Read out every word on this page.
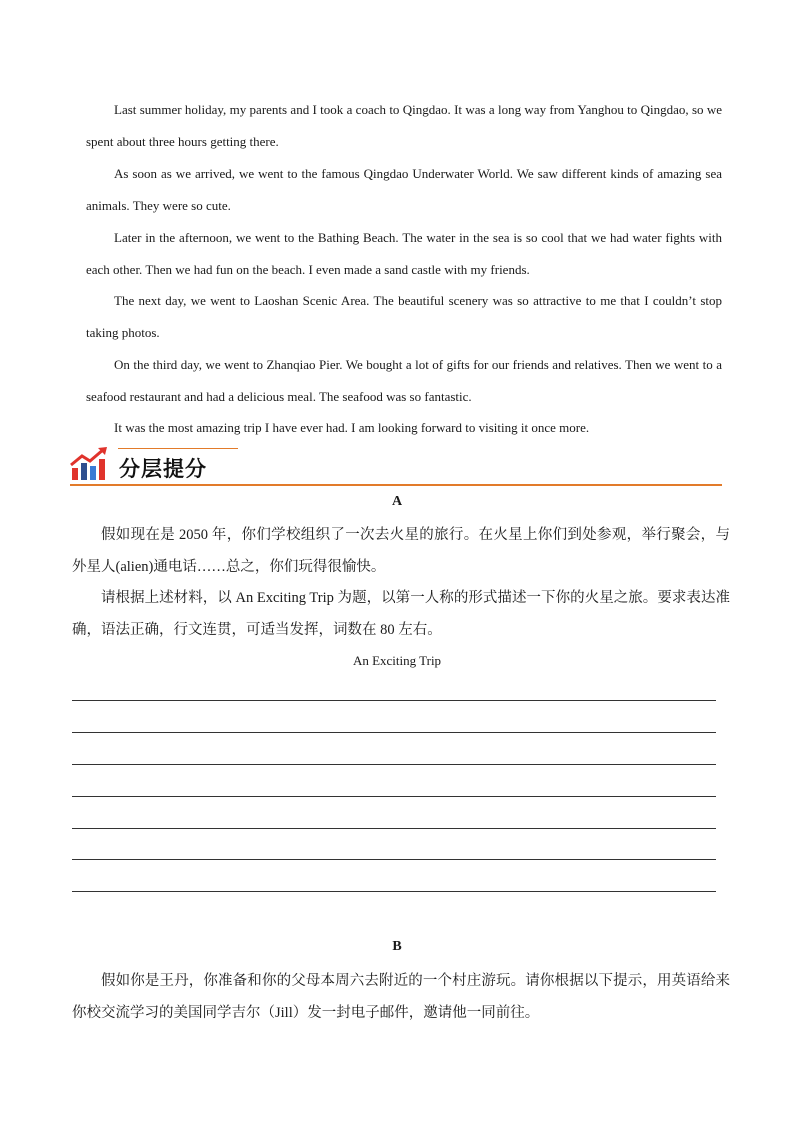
Last summer holiday, my parents and I took a coach to Qingdao. It was a long way from Yanghou to Qingdao, so we spent about three hours getting there.

As soon as we arrived, we went to the famous Qingdao Underwater World. We saw different kinds of amazing sea animals. They were so cute.

Later in the afternoon, we went to the Bathing Beach. The water in the sea is so cool that we had water fights with each other. Then we had fun on the beach. I even made a sand castle with my friends.

The next day, we went to Laoshan Scenic Area. The beautiful scenery was so attractive to me that I couldn’t stop taking photos.

On the third day, we went to Zhanqiao Pier. We bought a lot of gifts for our friends and relatives. Then we went to a seafood restaurant and had a delicious meal. The seafood was so fantastic.

It was the most amazing trip I have ever had. I am looking forward to visiting it once more.

分层提分

A

假如现在是 2050 年，你们学校组织了一次去火星的旅行。在火星上你们到处参观，举行聚会，与外星人(alien)通电话……总之，你们玩得很愉快。

请根据上述材料，以 An Exciting Trip 为题，以第一人称的形式描述一下你的火星之旅。要求表达准确，语法正确，行文连贯，可适当发挥，词数在 80 左右。

An Exciting Trip

B

假如你是王丹，你准备和你的父母本周六去附近的一个村庄游玩。请你根据以下提示，用英语给来你校交流学习的美国同学吉尔（Jill）发一封电子邮件，邀请他一同前往。
